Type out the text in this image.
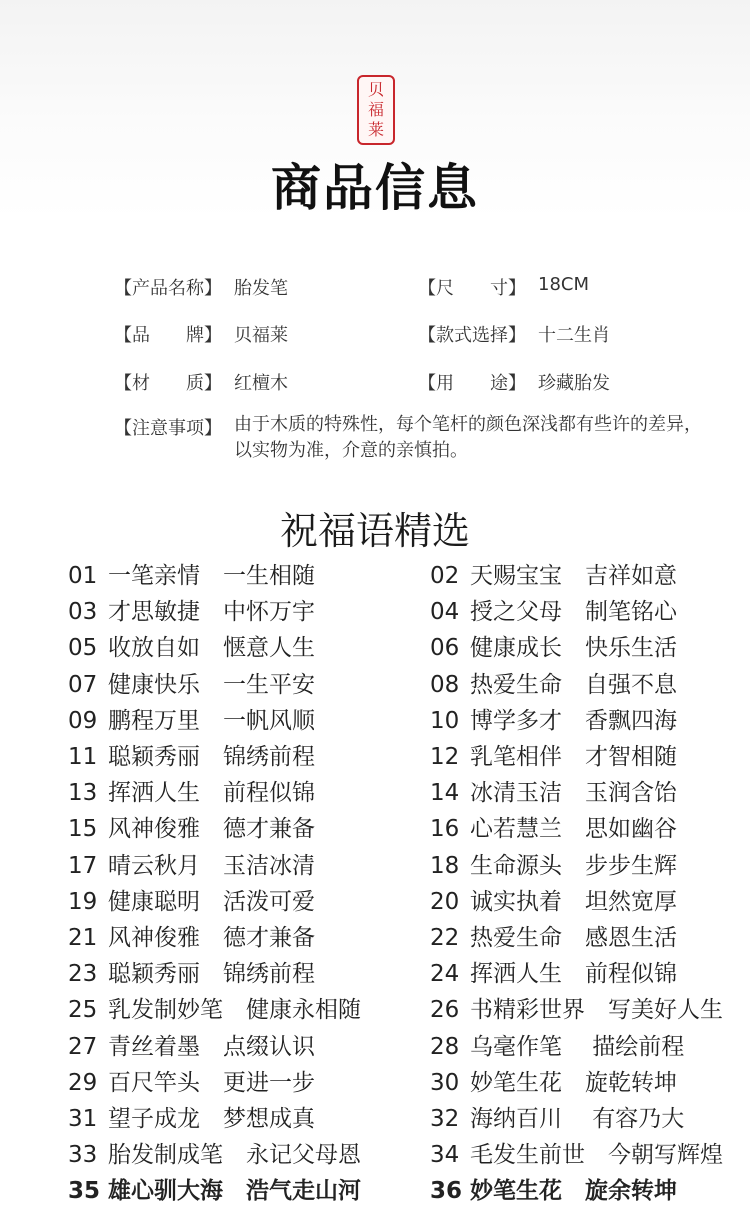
贝
福
莱
商品信息
【产品名称】 胎发笔	【尺　　寸】 18CM
【品　　牌】 贝福莱	【款式选择】 十二生肖
【材　　质】 红檀木	【用　　途】 珍藏胎发
【注意事项】 由于木质的特殊性，每个笔杆的颜色深浅都有些许的差异，以实物为准，介意的亲慎拍。
祝福语精选
01 一笔亲情　一生相随	02 天赐宝宝　吉祥如意
03 才思敏捷　中怀万宇	04 授之父母　制笔铭心
05 收放自如　惬意人生	06 健康成长　快乐生活
07 健康快乐　一生平安	08 热爱生命　自强不息
09 鹏程万里　一帆风顺	10 博学多才　香飘四海
11 聪颖秀丽　锦绣前程	12 乳笔相伴　才智相随
13 挥洒人生　前程似锦	14 冰清玉洁　玉润含饴
15 风神俊雅　德才兼备	16 心若慧兰　思如幽谷
17 晴云秋月　玉洁冰清	18 生命源头　步步生辉
19 健康聪明　活泼可爱	20 诚实执着　坦然宽厚
21 风神俊雅　德才兼备	22 热爱生命　感恩生活
23 聪颖秀丽　锦绣前程	24 挥洒人生　前程似锦
25 乳发制妙笔　健康永相随	26 书精彩世界　写美好人生
27 青丝着墨　点缀认识	28 乌毫作笔　 描绘前程
29 百尺竿头　更进一步	30 妙笔生花　旋乾转坤
31 望子成龙　梦想成真	32 海纳百川　 有容乃大
33 胎发制成笔　永记父母恩	34 毛发生前世　今朝写辉煌
35 雄心驯大海　浩气走山河	36 妙笔生花　旋余转坤
